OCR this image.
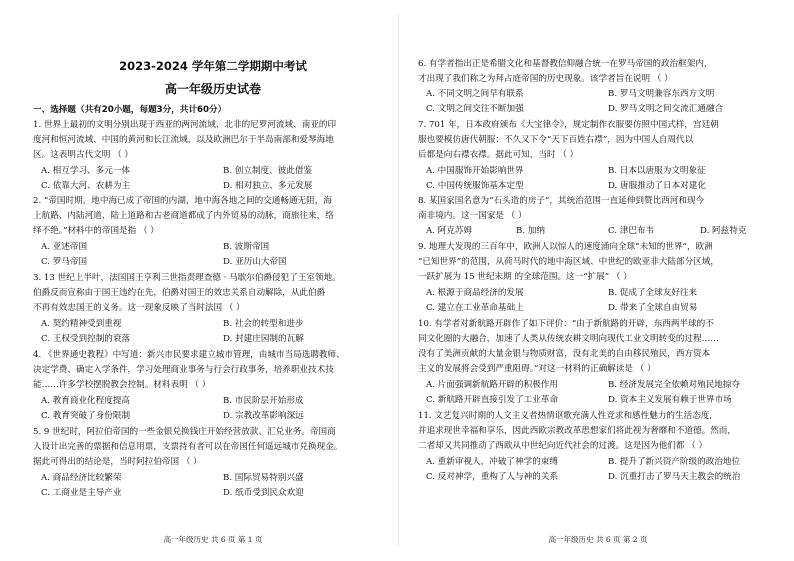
2023-2024 学年第二学期期中考试
高一年级历史试卷
一、选择题（共有20小题，每题3分，共计60分）
1. 世界上最初的文明分别出现于西亚的两河流域、北非的尼罗河流域、南亚的印
度河和恒河流域、中国的黄河和长江流域，以及欧洲巴尔干半岛南部和爱琴海地
区。这表明古代文明 （ ）
A. 相互学习、多元一体	B. 创立制度、彼此借鉴
C. 依靠大河、农耕为主	D. 相对独立、多元发展
2. “帝国时期，地中海已成了帝国的内湖，地中海各地之间的交通畅通无阻，海
上航路、内陆河道、陆上道路和古老商道都成了内外贸易的动脉，商旅往来，络
绎不绝。”材料中的帝国是指 （ ）
A. 亚述帝国	B. 波斯帝国
C. 罗马帝国	D. 亚历山大帝国
3. 13 世纪上半叶，法国国王亨利三世指责理查德 · 马歇尔伯爵侵犯了王室领地。
伯爵反而宣称由于国王违约在先，伯爵对国王的效忠关系自动解除，从此伯爵
不再有效忠国王的义务。这一现象反映了当时法国 （ ）
A. 契约精神受到重视	B. 社会的转型和进步
C. 王权受到控制的衰落	D. 封建庄园制的瓦解
4. 《世界通史教程》中写道：新兴市民要求建立城市管理，由城市当局选聘教师、
决定学费、确定入学条件，学习处理商业事务与行会行政事务，培养职业技术技
能……许多学校摆脱教会控制。材料表明 （ ）
A. 教育商业化程度提高	B. 市民阶层开始形成
C. 教育突破了身份限制	D. 宗教改革影响深远
5. 9 世纪时，阿拉伯帝国的一些金银兑换钱庄开始经营放款、汇兑业务。帝国商
人设计出完善的票据和信息用票，支票持有者可以在帝国任何遥远城市兑换现金。
据此可得出的结论是，当时阿拉伯帝国 （ ）
A. 商品经济比较繁荣	B. 国际贸易特别兴盛
C. 工商业是主导产业	D. 纸币受到民众欢迎
高一年级历史 共 6 页 第 1 页
6. 有学者指出正是希腊文化和基督教信仰融合统一在罗马帝国的政治框架内，
才出现了我们称之为拜占庭帝国的历史现象。该学者旨在说明 （ ）
A. 不同文明之间早有联系	B. 罗马文明兼容东西方文明
C. 文明之间交往不断加强	D. 罗马文明之间交流汇通融合
7. 701 年，日本政府颁布《大宝律令》，规定制作衣服要仿照中国式样，宫廷朝
服也要模仿唐代朝服；不久又下令“天下百姓右襟”，因为中国人自周代以
后都是向右襟衣襟。据此可知，当时 （ ）
A. 中国服饰开始影响世界	B. 日本以唐服为文明象征
C. 中国传统服饰基本定型	D. 唐服推动了日本对建化
8. 某国家国名意为“石头造的房子”，其统治范围一直延伸到赞比西河和现今
南非境内。这一国家是 （ ）
A. 阿克苏姆	B. 加纳	C. 津巴布韦	D. 阿兹特克
9. 地理大发现的三百年中，欧洲人以惊人的速度涌向全球“未知的世界”，欧洲
“已知世界”的范围，从荷马时代的地中海区域、中世纪的欧亚非大陆部分区域，
一跃扩展为 15 世纪末期 的全球范围。这一“扩展” （ ）
A. 根源于商品经济的发展	B. 促成了全球友好往来
C. 建立在工业革命基础上	D. 带来了全球自由贸易
10. 有学者对新航路开辟作了如下评价：“由于新航路的开辟，东西两半球的不
同文化圈的大融合，加速了人类从传统农耕文明向现代工业文明转变的过程……
没有了美洲贡献的大量金银与物质财富，没有北美的自由移民殖民，西方资本
主义的发展将会受到严重阻碍。”对这一材料的正确解读是 （ ）
A. 片面强调新航路开辟的积极作用	B. 经济发展完全依赖对殖民地掠夺
C. 新航路开辟直接引发了工业革命	D. 资本主义发展有赖于世界市场
11. 文艺复兴时期的人文主义者热情讴歌充满人性竞求和感性魅力的生活态度,
并追求现世幸福和享乐，因此西欧宗教改革思想家们将此视为奢靡和不道德。然而，
二者却又共同推动了西欧从中世纪向近代社会的过渡。这是因为他们都 （ ）
A. 重新审视人，冲破了神学的束缚	B. 提升了新兴资产阶级的政治地位
C. 反对神学，重构了人与神的关系	D. 沉重打击了罗马天主教会的统治
高一年级历史 共 6 页 第 2 页
